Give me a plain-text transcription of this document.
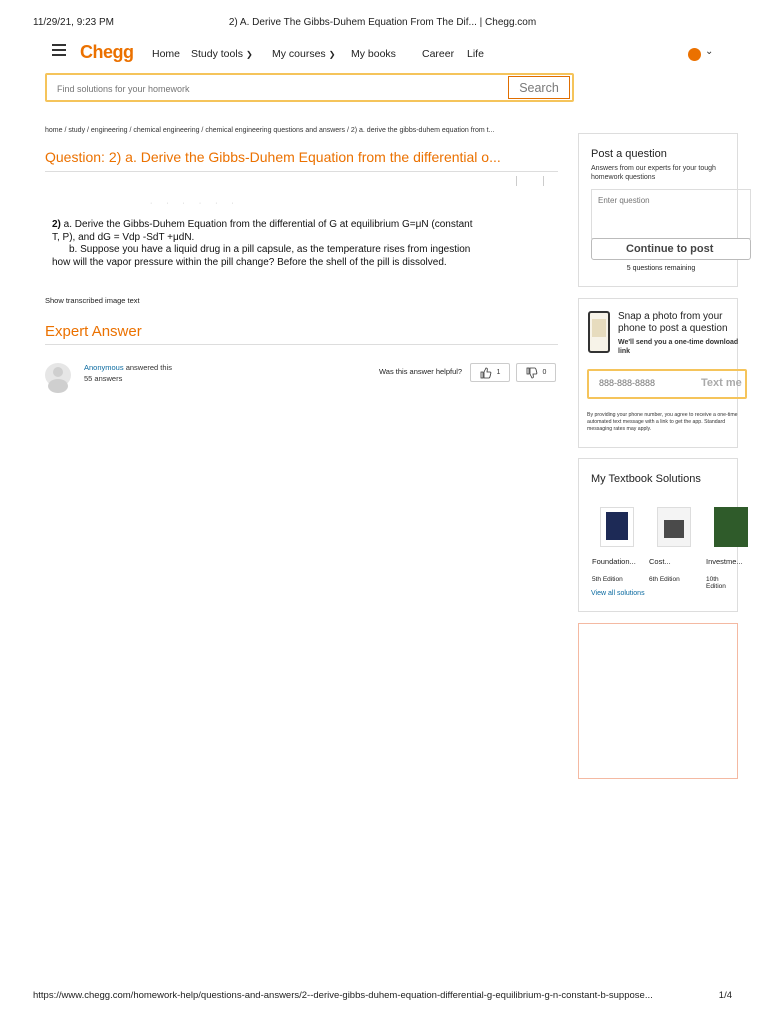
11/29/21, 9:23 PM	2) A. Derive The Gibbs-Duhem Equation From The Dif... | Chegg.com
Chegg Home Study tools ❯ My courses ❯ My books Career Life	⌄
Find solutions for your homework
Search
home / study / engineering / chemical engineering / chemical engineering questions and answers / 2) a. derive the gibbs-duhem equation from t...
Question: 2) a. Derive the Gibbs-Duhem Equation from the differential o...
· · · · · ·

2) a. Derive the Gibbs-Duhem Equation from the differential of G at equilibrium G=μN (constant

T, P), and dG = Vdp -SdT +μdN.

b. Suppose you have a liquid drug in a pill capsule, as the temperature rises from ingestion

how will the vapor pressure within the pill change? Before the shell of the pill is dissolved.

Show transcribed image text
Expert Answer
Anonymous answered this
55 answers
Was this answer helpful?	1	0
Post a question
Answers from our experts for your tough homework questions
Enter question
Continue to post
5 questions remaining
Snap a photo from your phone to post a question
We'll send you a one-time download link
888-888-8888
Text me
By providing your phone number, you agree to receive a one-time automated text message with a link to get the app. Standard messaging rates may apply.
My Textbook Solutions
Foundation... Cost...	Investme...
5th Edition	6th Edition	10th Edition
View all solutions
https://www.chegg.com/homework-help/questions-and-answers/2--derive-gibbs-duhem-equation-differential-g-equilibrium-g-n-constant-b-suppose...	1/4
